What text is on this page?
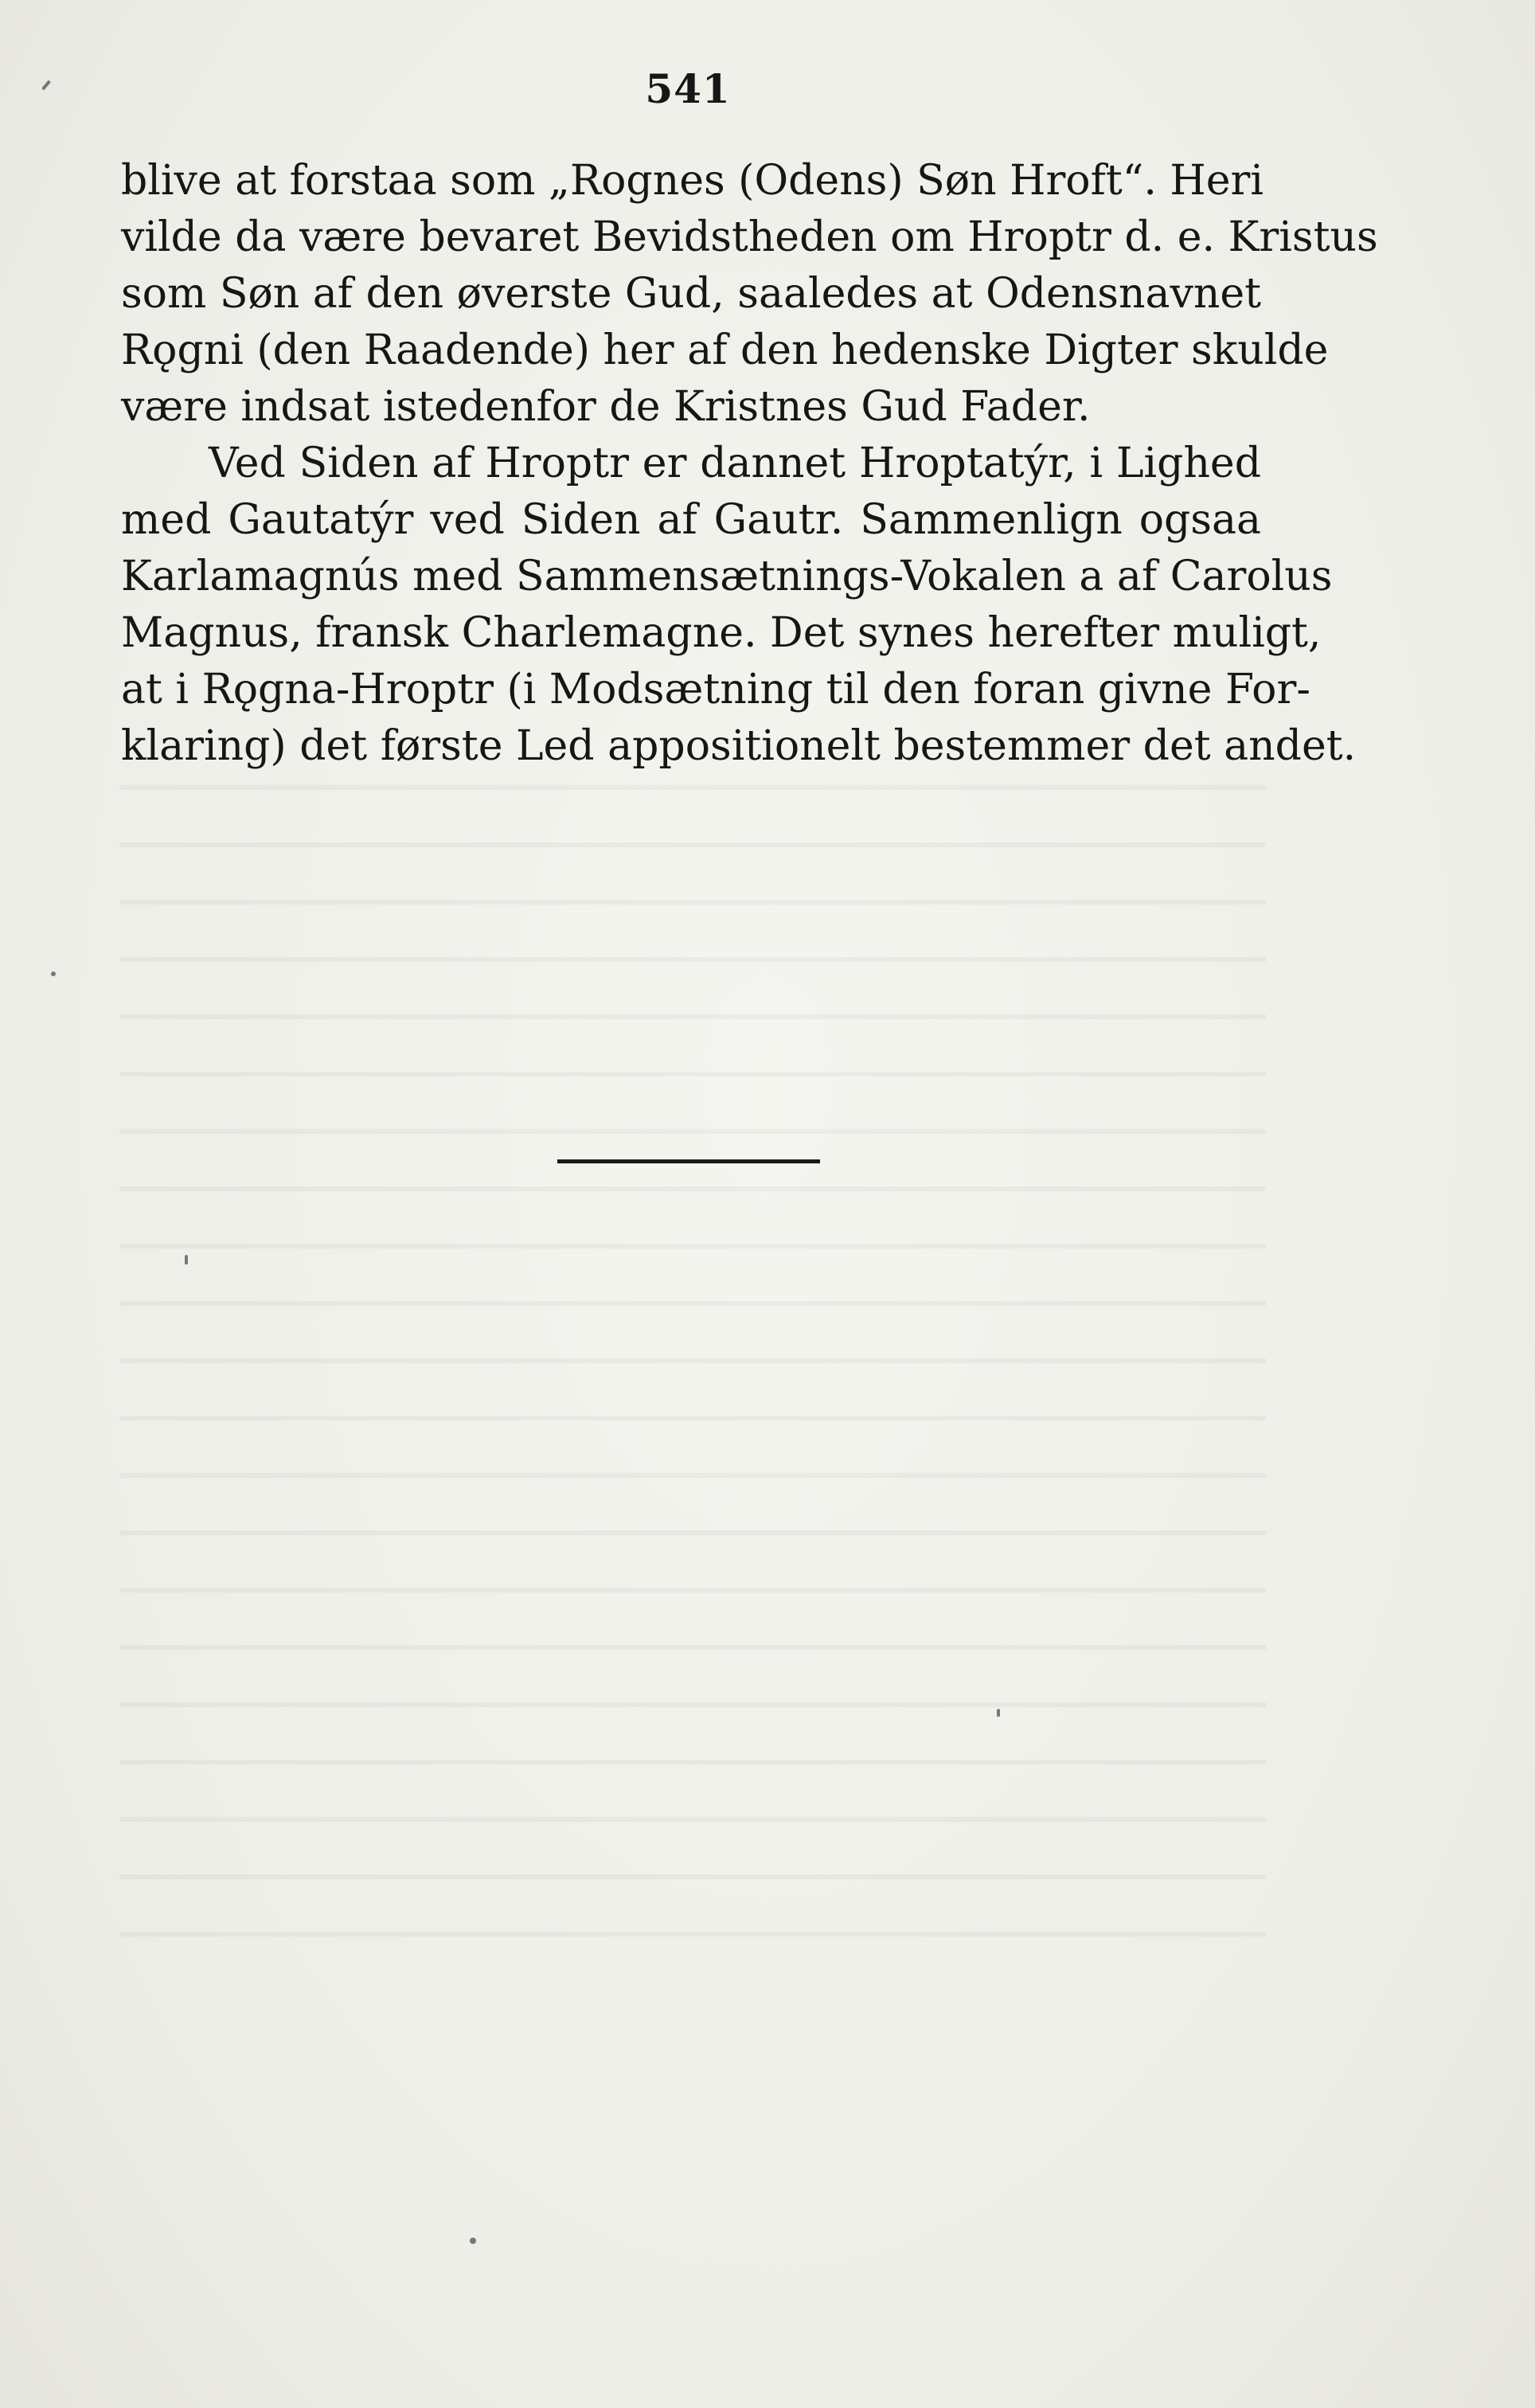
541

blive at forstaa som „Rognes (Odens) Søn Hroft“. Heri
vilde da være bevaret Bevidstheden om Hroptr d. e. Kristus
som Søn af den øverste Gud, saaledes at Odensnavnet
Rǫgni (den Raadende) her af den hedenske Digter skulde
være indsat istedenfor de Kristnes Gud Fader.

Ved Siden af Hroptr er dannet Hroptatýr, i Lighed
med Gautatýr ved Siden af Gautr. Sammenlign ogsaa
Karlamagnús med Sammensætnings-Vokalen a af Carolus
Magnus, fransk Charlemagne. Det synes herefter muligt,
at i Rǫgna-Hroptr (i Modsætning til den foran givne For-
klaring) det første Led appositionelt bestemmer det andet.
